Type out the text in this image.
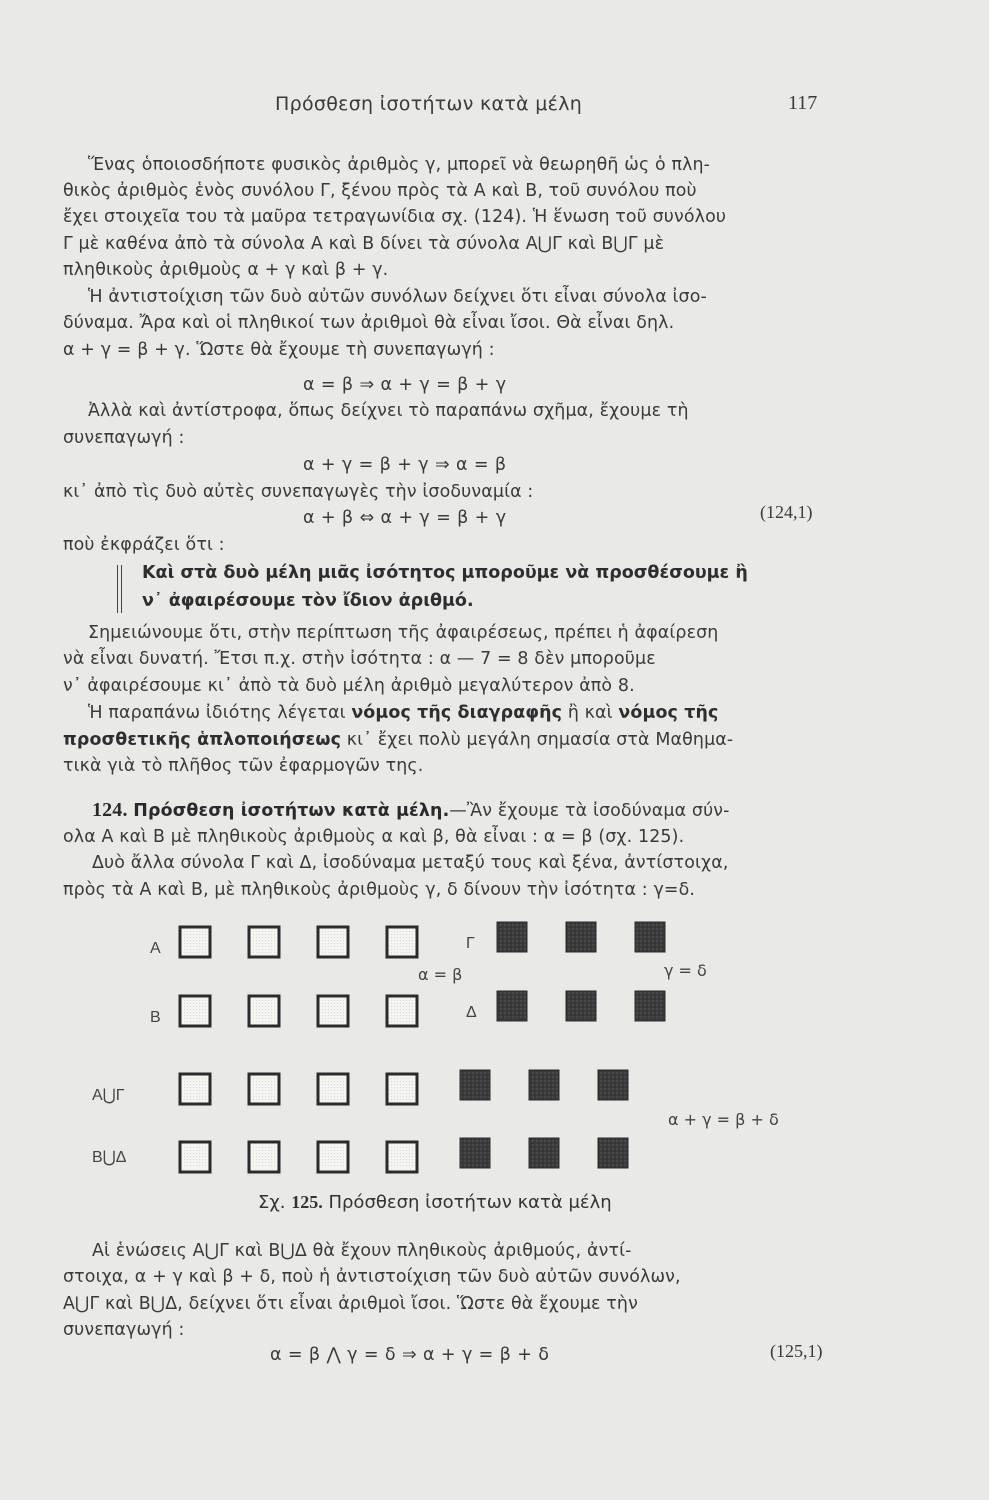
Πρόσθεση ἰσοτήτων κατὰ μέλη	117
Ἕνας ὁποιοσδήποτε φυσικὸς ἀριθμὸς γ, μπορεῖ νὰ θεωρηθῆ ὡς ὁ πλη-
θικὸς ἀριθμὸς ἑνὸς συνόλου Γ, ξένου πρὸς τὰ Α καὶ Β, τοῦ συνόλου ποὺ
ἔχει στοιχεῖα του τὰ μαῦρα τετραγωνίδια σχ. (124). Ἡ ἕνωση τοῦ συνόλου
Γ μὲ καθένα ἀπὸ τὰ σύνολα Α καὶ Β δίνει τὰ σύνολα Α⋃Γ καὶ Β⋃Γ μὲ
πληθικοὺς ἀριθμοὺς α + γ καὶ β + γ.
Ἡ ἀντιστοίχιση τῶν δυὸ αὐτῶν συνόλων δείχνει ὅτι εἶναι σύνολα ἰσο-
δύναμα. Ἄρα καὶ οἱ πληθικοί των ἀριθμοὶ θὰ εἶναι ἴσοι. Θὰ εἶναι δηλ.
α + γ = β + γ. Ὥστε θὰ ἔχουμε τὴ συνεπαγωγή :
α = β ⇒ α + γ = β + γ
Ἀλλὰ καὶ ἀντίστροφα, ὅπως δείχνει τὸ παραπάνω σχῆμα, ἔχουμε τὴ
συνεπαγωγή :
α + γ = β + γ ⇒ α = β
κι᾿ ἀπὸ τὶς δυὸ αὐτὲς συνεπαγωγὲς τὴν ἰσοδυναμία :
α + β ⇔ α + γ = β + γ	(124,1)
ποὺ ἐκφράζει ὅτι :
Καὶ στὰ δυὸ μέλη μιᾶς ἰσότητος μποροῦμε νὰ προσθέσουμε ἢ
ν᾿ ἀφαιρέσουμε τὸν ἴδιον ἀριθμό.
Σημειώνουμε ὅτι, στὴν περίπτωση τῆς ἀφαιρέσεως, πρέπει ἡ ἀφαίρεση
νὰ εἶναι δυνατή. Ἔτσι π.χ. στὴν ἰσότητα : α — 7 = 8 δὲν μποροῦμε
ν᾿ ἀφαιρέσουμε κι᾿ ἀπὸ τὰ δυὸ μέλη ἀριθμὸ μεγαλύτερον ἀπὸ 8.
Ἡ παραπάνω ἰδιότης λέγεται νόμος τῆς διαγραφῆς ἢ καὶ νόμος τῆς
προσθετικῆς ἁπλοποιήσεως κι᾿ ἔχει πολὺ μεγάλη σημασία στὰ Μαθημα-
τικὰ γιὰ τὸ πλῆθος τῶν ἐφαρμογῶν της.
124. Πρόσθεση ἰσοτήτων κατὰ μέλη.—Ἂν ἔχουμε τὰ ἰσοδύναμα σύν-
ολα Α καὶ Β μὲ πληθικοὺς ἀριθμοὺς α καὶ β, θὰ εἶναι : α = β (σχ. 125).
Δυὸ ἄλλα σύνολα Γ καὶ Δ, ἰσοδύναμα μεταξύ τους καὶ ξένα, ἀντίστοιχα,
πρὸς τὰ Α καὶ Β, μὲ πληθικοὺς ἀριθμοὺς γ, δ δίνουν τὴν ἰσότητα : γ=δ.
Α
Β
Γ
Δ
Α⋃Γ
Β⋃Δ
α = β	γ = δ
α + γ = β + δ
Σχ. 125. Πρόσθεση ἰσοτήτων κατὰ μέλη
Αἱ ἑνώσεις Α⋃Γ καὶ Β⋃Δ θὰ ἔχουν πληθικοὺς ἀριθμούς, ἀντί-
στοιχα, α + γ καὶ β + δ, ποὺ ἡ ἀντιστοίχιση τῶν δυὸ αὐτῶν συνόλων,
Α⋃Γ καὶ Β⋃Δ, δείχνει ὅτι εἶναι ἀριθμοὶ ἴσοι. Ὥστε θὰ ἔχουμε τὴν
συνεπαγωγή :
α = β ⋀ γ = δ ⇒ α + γ = β + δ	(125,1)
